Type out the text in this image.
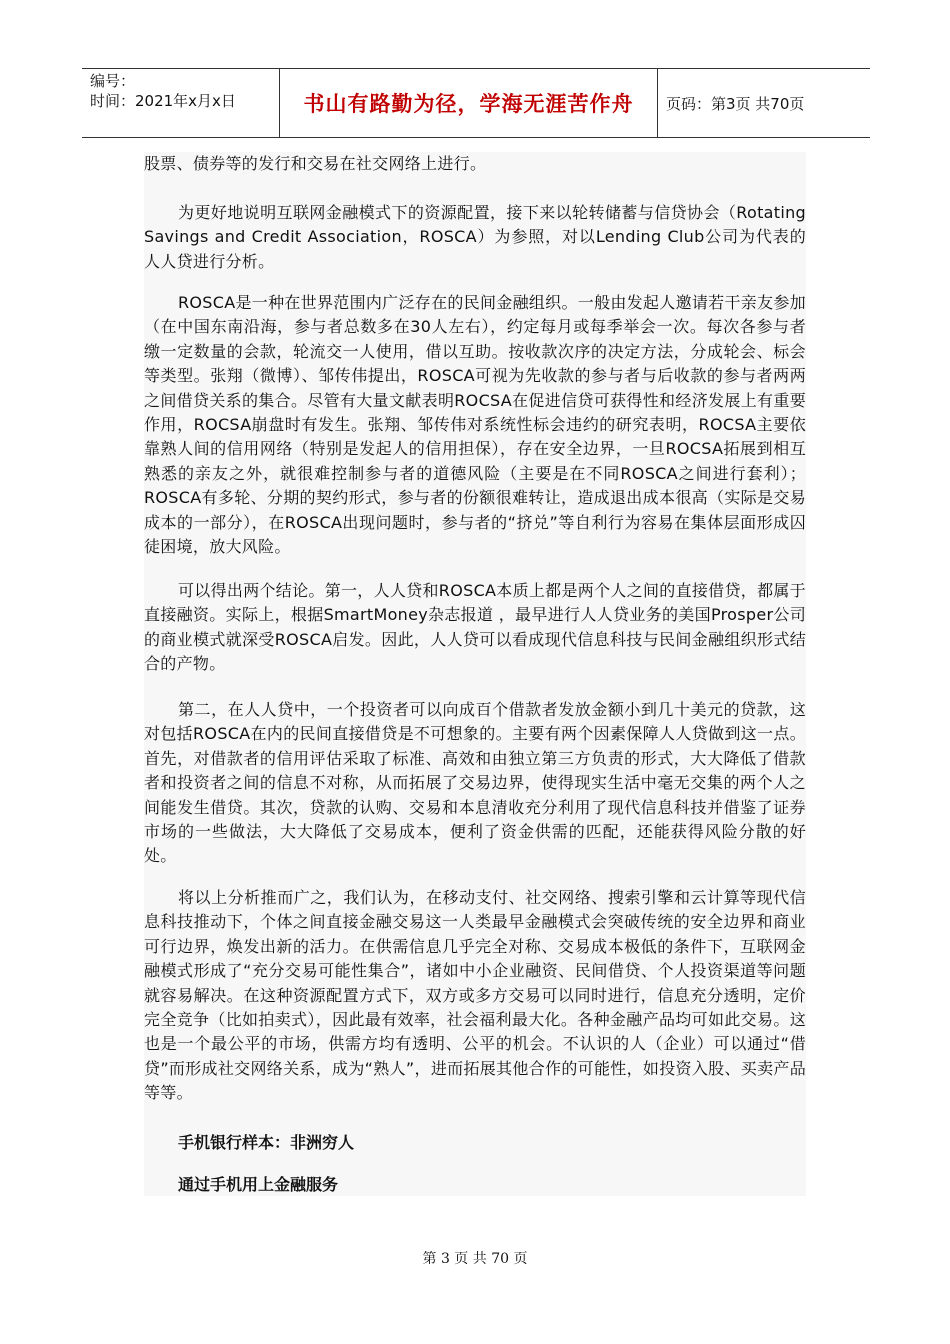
编号：
时间：2021年x月x日	书山有路勤为径，学海无涯苦作舟	页码：第3页 共70页

股票、债券等的发行和交易在社交网络上进行。

为更好地说明互联网金融模式下的资源配置，接下来以轮转储蓄与信贷协会（Rotating Savings and Credit Association，ROSCA）为参照，对以Lending Club公司为代表的人人贷进行分析。

ROSCA是一种在世界范围内广泛存在的民间金融组织。一般由发起人邀请若干亲友参加（在中国东南沿海，参与者总数多在30人左右），约定每月或每季举会一次。每次各参与者缴一定数量的会款，轮流交一人使用，借以互助。按收款次序的决定方法，分成轮会、标会等类型。张翔（微博）、邹传伟提出，ROSCA可视为先收款的参与者与后收款的参与者两两之间借贷关系的集合。尽管有大量文献表明ROCSA在促进信贷可获得性和经济发展上有重要作用，ROCSA崩盘时有发生。张翔、邹传伟对系统性标会违约的研究表明，ROCSA主要依靠熟人间的信用网络（特别是发起人的信用担保），存在安全边界，一旦ROCSA拓展到相互熟悉的亲友之外，就很难控制参与者的道德风险（主要是在不同ROSCA之间进行套利）；ROSCA有多轮、分期的契约形式，参与者的份额很难转让，造成退出成本很高（实际是交易成本的一部分），在ROSCA出现问题时，参与者的“挤兑”等自利行为容易在集体层面形成囚徒困境，放大风险。

可以得出两个结论。第一，人人贷和ROSCA本质上都是两个人之间的直接借贷，都属于直接融资。实际上，根据SmartMoney杂志报道 ，最早进行人人贷业务的美国Prosper公司的商业模式就深受ROSCA启发。因此，人人贷可以看成现代信息科技与民间金融组织形式结合的产物。

第二，在人人贷中，一个投资者可以向成百个借款者发放金额小到几十美元的贷款，这对包括ROSCA在内的民间直接借贷是不可想象的。主要有两个因素保障人人贷做到这一点。首先，对借款者的信用评估采取了标准、高效和由独立第三方负责的形式，大大降低了借款者和投资者之间的信息不对称，从而拓展了交易边界，使得现实生活中毫无交集的两个人之间能发生借贷。其次，贷款的认购、交易和本息清收充分利用了现代信息科技并借鉴了证券市场的一些做法，大大降低了交易成本，便利了资金供需的匹配，还能获得风险分散的好处。

将以上分析推而广之，我们认为，在移动支付、社交网络、搜索引擎和云计算等现代信息科技推动下，个体之间直接金融交易这一人类最早金融模式会突破传统的安全边界和商业可行边界，焕发出新的活力。在供需信息几乎完全对称、交易成本极低的条件下，互联网金融模式形成了“充分交易可能性集合”，诸如中小企业融资、民间借贷、个人投资渠道等问题就容易解决。在这种资源配置方式下，双方或多方交易可以同时进行，信息充分透明，定价完全竞争（比如拍卖式），因此最有效率，社会福利最大化。各种金融产品均可如此交易。这也是一个最公平的市场，供需方均有透明、公平的机会。不认识的人（企业）可以通过“借贷”而形成社交网络关系，成为“熟人”，进而拓展其他合作的可能性，如投资入股、买卖产品等等。

手机银行样本：非洲穷人

通过手机用上金融服务

第 3 页 共 70 页
